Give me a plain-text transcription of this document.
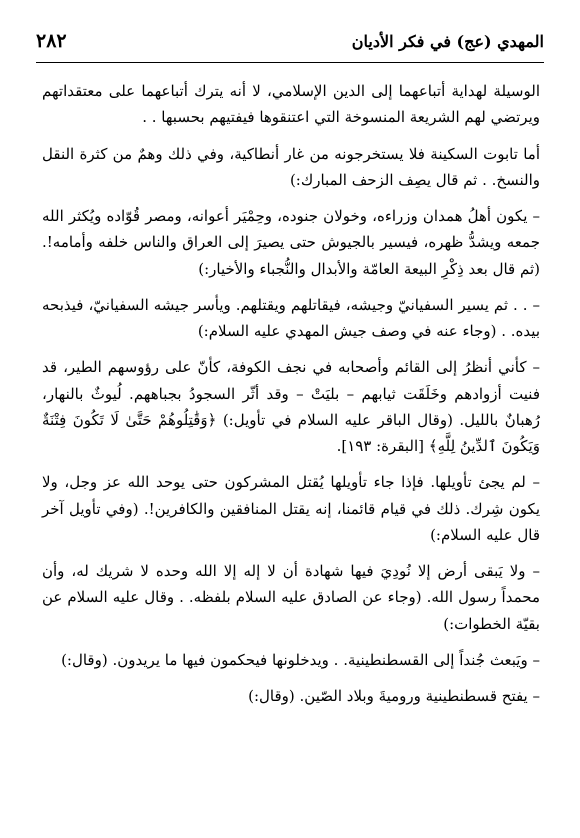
المهدي (عج) في فكر الأديان
٢٨٢

الوسيلة لهداية أتباعهما إلى الدين الإسلامي، لا أنه يترك أتباعهما على معتقداتهم ويرتضي لهم الشريعة المنسوخة التي اعتنقوها فيفتيهم بحسبها . .

أما تابوت السكينة فلا يستخرجونه من غار أنطاكية، وفي ذلك وهمٌ من كثرة النقل والنسخ. . ثم قال يصِف الزحف المبارك:)

– يكون أهلُ همدان وزراءه، وخولان جنوده، وحِمْيَر أعوانه، ومصر قُوّاده ويُكثر الله جمعه ويشدُّ ظهره، فيسير بالجيوش حتى يصيرَ إلى العراق والناس خلفه وأمامه!. (ثم قال بعد ذِكْرِ البيعة العامّة والأبدال والنُّجباء والأخيار:)

– . . ثم يسير السفيانيّ وجيشه، فيقاتلهم ويقتلهم. ويأسر جيشه السفيانيّ، فيذبحه بيده. . (وجاء عنه في وصف جيش المهدي عليه السلام:)

– كأني أنظرُ إلى القائم وأصحابه في نجف الكوفة، كأنّ على رؤوسهم الطير، قد فنيت أزوادهم وخَلَقَت ثيابهم – بليَتْ – وقد أثّر السجودُ بجباههم. لُيوثٌ بالنهار، رُهبانٌ بالليل. (وقال الباقر عليه السلام في تأويل:) ﴿وَقَٰتِلُوهُمْ حَتَّىٰ لَا تَكُونَ فِتْنَةٌ وَيَكُونَ ٱلدِّينُ لِلَّهِ﴾ [البقرة: ١٩٣].

– لم يجئ تأويلها. فإذا جاء تأويلها يُقتل المشركون حتى يوحد الله عز وجل، ولا يكون شِرك. ذلك في قيام قائمنا، إنه يقتل المنافقين والكافرين!. (وفي تأويل آخر قال عليه السلام:)

– ولا يَبقى أرض إلا نُودِيَ فيها شهادة أن لا إله إلا الله وحده لا شريك له، وأن محمداً رسول الله. (وجاء عن الصادق عليه السلام بلفظه. . وقال عليه السلام عن بقيّة الخطوات:)

– ويَبعث جُنداً إلى القسطنطينية. . ويدخلونها فيحكمون فيها ما يريدون. (وقال:)

– يفتح قسطنطينية وروميةَ وبلاد الصّين. (وقال:)
